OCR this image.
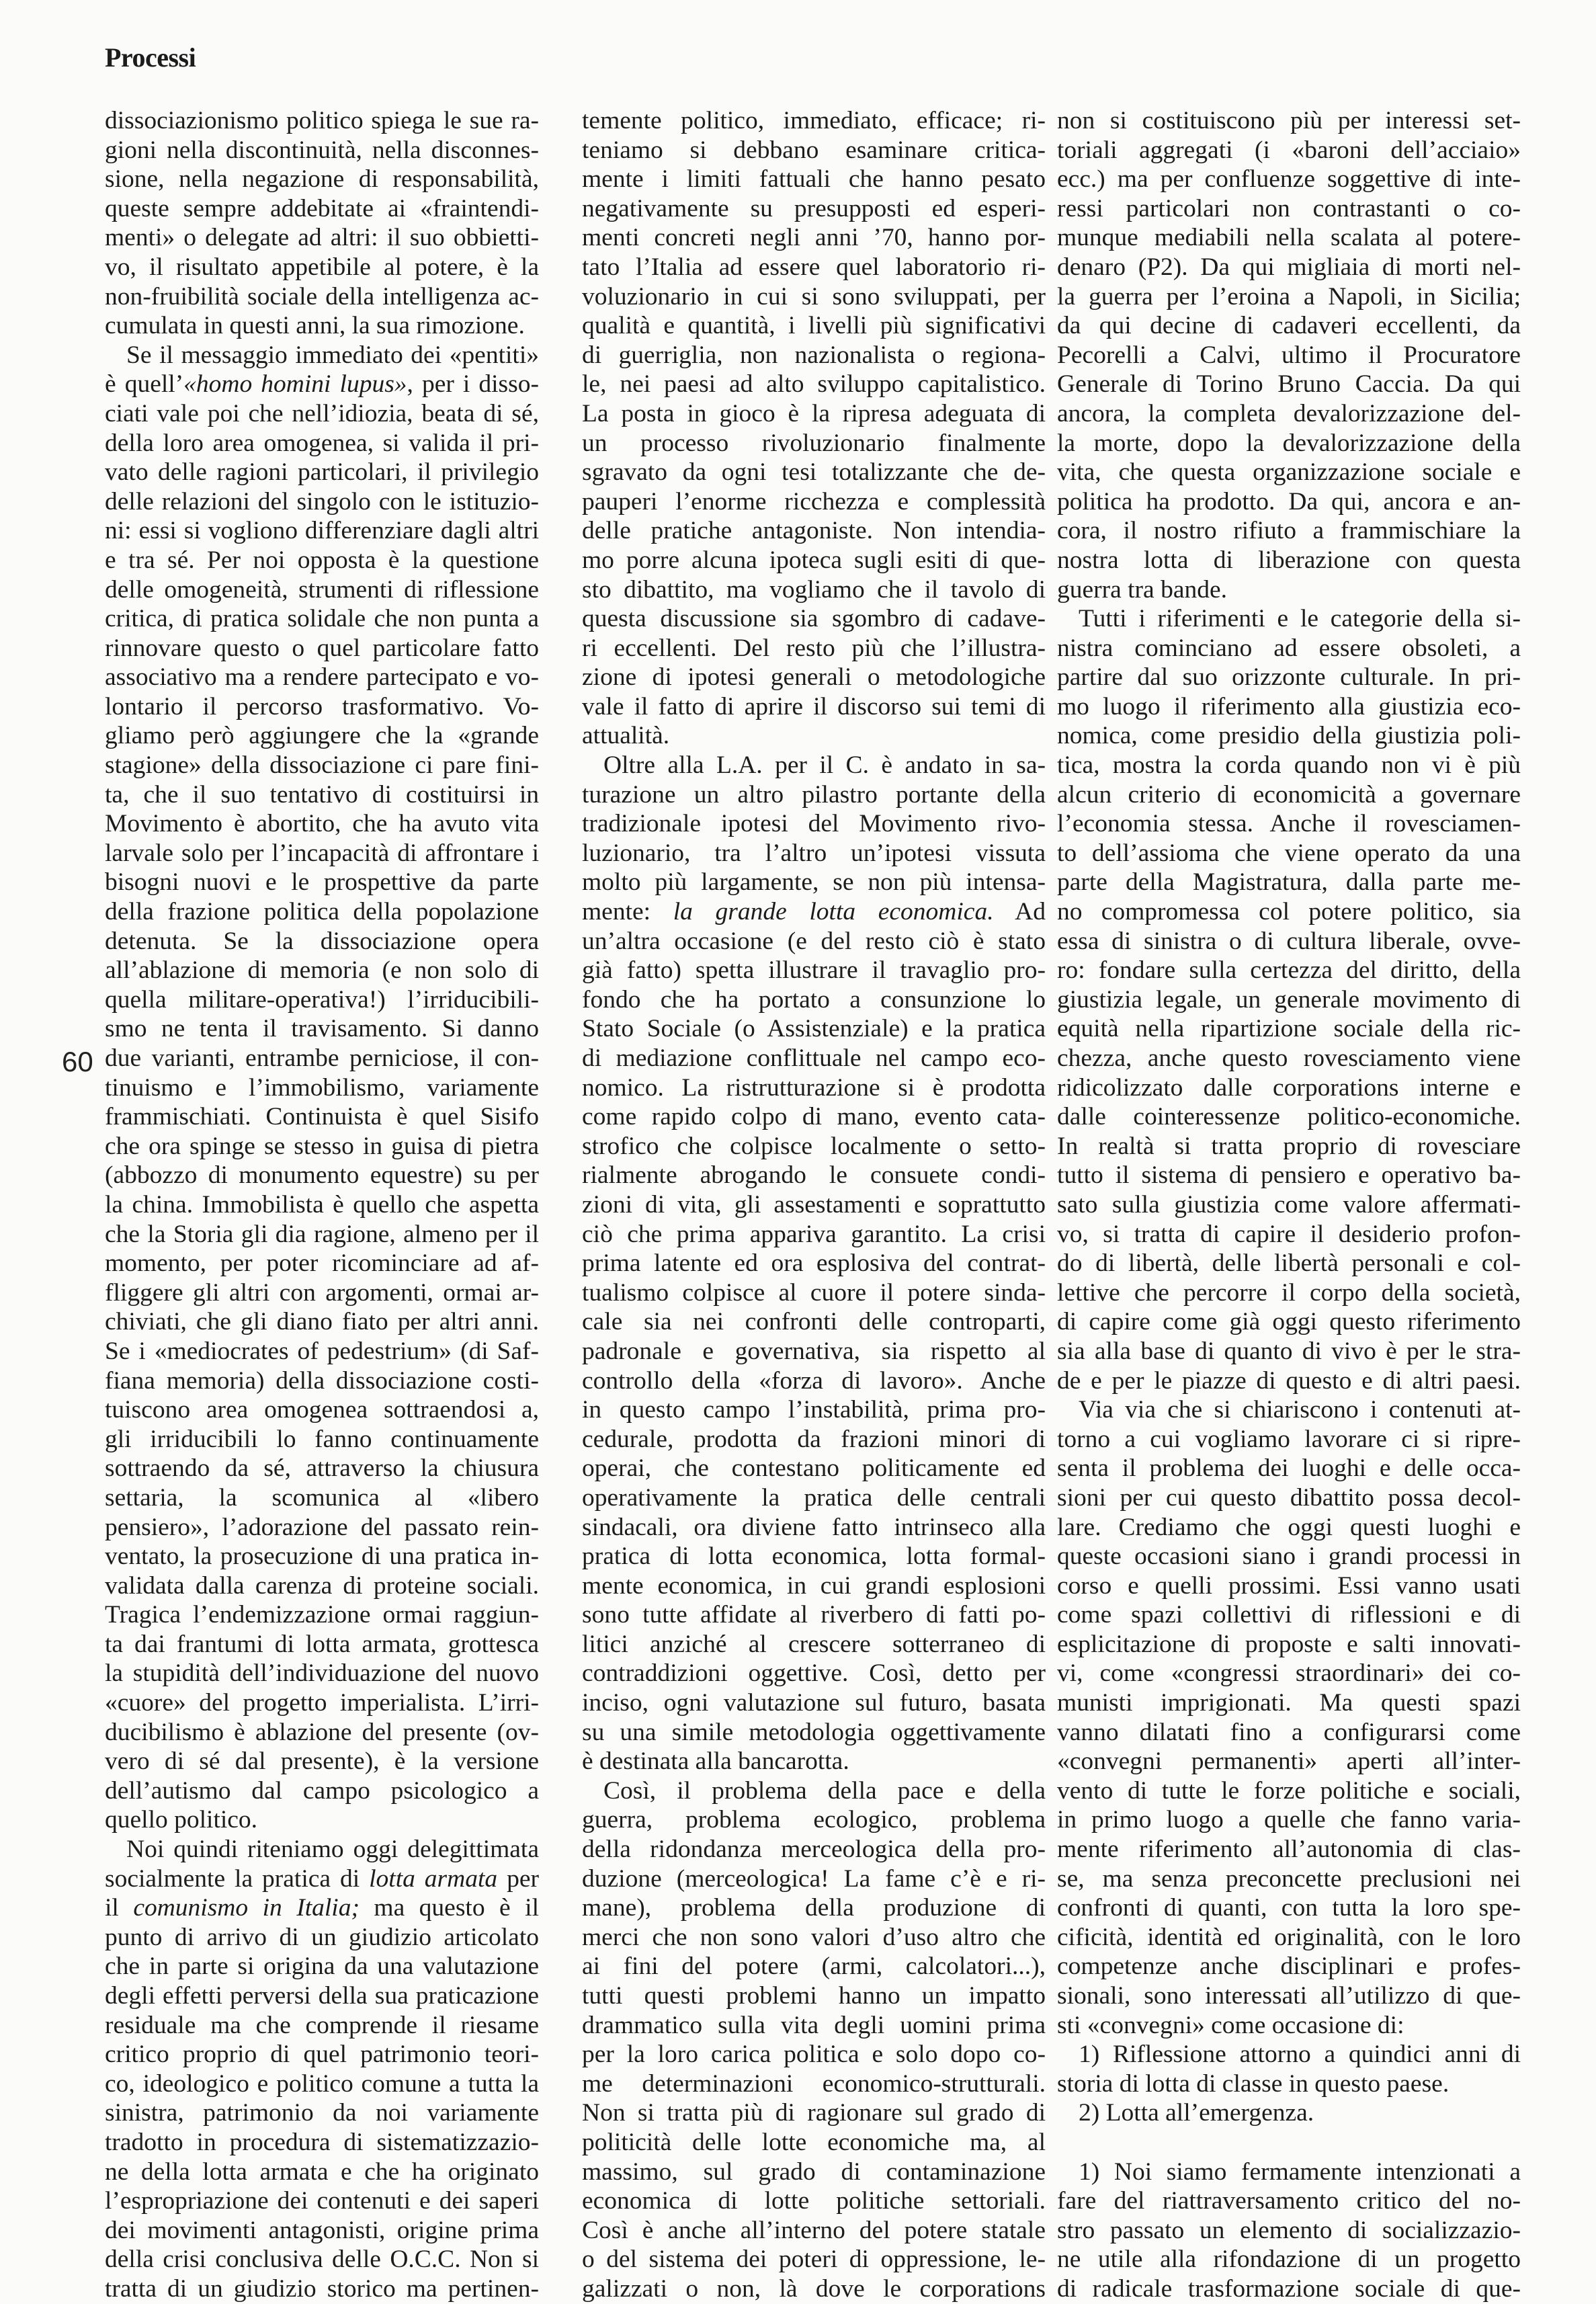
Processi
60
dissociazionismo politico spiega le sue ra-
gioni nella discontinuità, nella disconnes-
sione, nella negazione di responsabilità,
queste sempre addebitate ai «fraintendi-
menti» o delegate ad altri: il suo obbietti-
vo, il risultato appetibile al potere, è la
non-fruibilità sociale della intelligenza ac-
cumulata in questi anni, la sua rimozione.
Se il messaggio immediato dei «pentiti»
è quell’«homo homini lupus», per i disso-
ciati vale poi che nell’idiozia, beata di sé,
della loro area omogenea, si valida il pri-
vato delle ragioni particolari, il privilegio
delle relazioni del singolo con le istituzio-
ni: essi si vogliono differenziare dagli altri
e tra sé. Per noi opposta è la questione
delle omogeneità, strumenti di riflessione
critica, di pratica solidale che non punta a
rinnovare questo o quel particolare fatto
associativo ma a rendere partecipato e vo-
lontario il percorso trasformativo. Vo-
gliamo però aggiungere che la «grande
stagione» della dissociazione ci pare fini-
ta, che il suo tentativo di costituirsi in
Movimento è abortito, che ha avuto vita
larvale solo per l’incapacità di affrontare i
bisogni nuovi e le prospettive da parte
della frazione politica della popolazione
detenuta. Se la dissociazione opera
all’ablazione di memoria (e non solo di
quella militare-operativa!) l’irriducibili-
smo ne tenta il travisamento. Si danno
due varianti, entrambe perniciose, il con-
tinuismo e l’immobilismo, variamente
frammischiati. Continuista è quel Sisifo
che ora spinge se stesso in guisa di pietra
(abbozzo di monumento equestre) su per
la china. Immobilista è quello che aspetta
che la Storia gli dia ragione, almeno per il
momento, per poter ricominciare ad af-
fliggere gli altri con argomenti, ormai ar-
chiviati, che gli diano fiato per altri anni.
Se i «mediocrates of pedestrium» (di Saf-
fiana memoria) della dissociazione costi-
tuiscono area omogenea sottraendosi a,
gli irriducibili lo fanno continuamente
sottraendo da sé, attraverso la chiusura
settaria, la scomunica al «libero
pensiero», l’adorazione del passato rein-
ventato, la prosecuzione di una pratica in-
validata dalla carenza di proteine sociali.
Tragica l’endemizzazione ormai raggiun-
ta dai frantumi di lotta armata, grottesca
la stupidità dell’individuazione del nuovo
«cuore» del progetto imperialista. L’irri-
ducibilismo è ablazione del presente (ov-
vero di sé dal presente), è la versione
dell’autismo dal campo psicologico a
quello politico.
Noi quindi riteniamo oggi delegittimata
socialmente la pratica di lotta armata per
il comunismo in Italia; ma questo è il
punto di arrivo di un giudizio articolato
che in parte si origina da una valutazione
degli effetti perversi della sua praticazione
residuale ma che comprende il riesame
critico proprio di quel patrimonio teori-
co, ideologico e politico comune a tutta la
sinistra, patrimonio da noi variamente
tradotto in procedura di sistematizzazio-
ne della lotta armata e che ha originato
l’espropriazione dei contenuti e dei saperi
dei movimenti antagonisti, origine prima
della crisi conclusiva delle O.C.C. Non si
tratta di un giudizio storico ma pertinen-
temente politico, immediato, efficace; ri-
teniamo si debbano esaminare critica-
mente i limiti fattuali che hanno pesato
negativamente su presupposti ed esperi-
menti concreti negli anni ’70, hanno por-
tato l’Italia ad essere quel laboratorio ri-
voluzionario in cui si sono sviluppati, per
qualità e quantità, i livelli più significativi
di guerriglia, non nazionalista o regiona-
le, nei paesi ad alto sviluppo capitalistico.
La posta in gioco è la ripresa adeguata di
un processo rivoluzionario finalmente
sgravato da ogni tesi totalizzante che de-
pauperi l’enorme ricchezza e complessità
delle pratiche antagoniste. Non intendia-
mo porre alcuna ipoteca sugli esiti di que-
sto dibattito, ma vogliamo che il tavolo di
questa discussione sia sgombro di cadave-
ri eccellenti. Del resto più che l’illustra-
zione di ipotesi generali o metodologiche
vale il fatto di aprire il discorso sui temi di
attualità.
Oltre alla L.A. per il C. è andato in sa-
turazione un altro pilastro portante della
tradizionale ipotesi del Movimento rivo-
luzionario, tra l’altro un’ipotesi vissuta
molto più largamente, se non più intensa-
mente: la grande lotta economica. Ad
un’altra occasione (e del resto ciò è stato
già fatto) spetta illustrare il travaglio pro-
fondo che ha portato a consunzione lo
Stato Sociale (o Assistenziale) e la pratica
di mediazione conflittuale nel campo eco-
nomico. La ristrutturazione si è prodotta
come rapido colpo di mano, evento cata-
strofico che colpisce localmente o setto-
rialmente abrogando le consuete condi-
zioni di vita, gli assestamenti e soprattutto
ciò che prima appariva garantito. La crisi
prima latente ed ora esplosiva del contrat-
tualismo colpisce al cuore il potere sinda-
cale sia nei confronti delle controparti,
padronale e governativa, sia rispetto al
controllo della «forza di lavoro». Anche
in questo campo l’instabilità, prima pro-
cedurale, prodotta da frazioni minori di
operai, che contestano politicamente ed
operativamente la pratica delle centrali
sindacali, ora diviene fatto intrinseco alla
pratica di lotta economica, lotta formal-
mente economica, in cui grandi esplosioni
sono tutte affidate al riverbero di fatti po-
litici anziché al crescere sotterraneo di
contraddizioni oggettive. Così, detto per
inciso, ogni valutazione sul futuro, basata
su una simile metodologia oggettivamente
è destinata alla bancarotta.
Così, il problema della pace e della
guerra, problema ecologico, problema
della ridondanza merceologica della pro-
duzione (merceologica! La fame c’è e ri-
mane), problema della produzione di
merci che non sono valori d’uso altro che
ai fini del potere (armi, calcolatori...),
tutti questi problemi hanno un impatto
drammatico sulla vita degli uomini prima
per la loro carica politica e solo dopo co-
me determinazioni economico-strutturali.
Non si tratta più di ragionare sul grado di
politicità delle lotte economiche ma, al
massimo, sul grado di contaminazione
economica di lotte politiche settoriali.
Così è anche all’interno del potere statale
o del sistema dei poteri di oppressione, le-
galizzati o non, là dove le corporations
non si costituiscono più per interessi set-
toriali aggregati (i «baroni dell’acciaio»
ecc.) ma per confluenze soggettive di inte-
ressi particolari non contrastanti o co-
munque mediabili nella scalata al potere-
denaro (P2). Da qui migliaia di morti nel-
la guerra per l’eroina a Napoli, in Sicilia;
da qui decine di cadaveri eccellenti, da
Pecorelli a Calvi, ultimo il Procuratore
Generale di Torino Bruno Caccia. Da qui
ancora, la completa devalorizzazione del-
la morte, dopo la devalorizzazione della
vita, che questa organizzazione sociale e
politica ha prodotto. Da qui, ancora e an-
cora, il nostro rifiuto a frammischiare la
nostra lotta di liberazione con questa
guerra tra bande.
Tutti i riferimenti e le categorie della si-
nistra cominciano ad essere obsoleti, a
partire dal suo orizzonte culturale. In pri-
mo luogo il riferimento alla giustizia eco-
nomica, come presidio della giustizia poli-
tica, mostra la corda quando non vi è più
alcun criterio di economicità a governare
l’economia stessa. Anche il rovesciamen-
to dell’assioma che viene operato da una
parte della Magistratura, dalla parte me-
no compromessa col potere politico, sia
essa di sinistra o di cultura liberale, ovve-
ro: fondare sulla certezza del diritto, della
giustizia legale, un generale movimento di
equità nella ripartizione sociale della ric-
chezza, anche questo rovesciamento viene
ridicolizzato dalle corporations interne e
dalle cointeressenze politico-economiche.
In realtà si tratta proprio di rovesciare
tutto il sistema di pensiero e operativo ba-
sato sulla giustizia come valore affermati-
vo, si tratta di capire il desiderio profon-
do di libertà, delle libertà personali e col-
lettive che percorre il corpo della società,
di capire come già oggi questo riferimento
sia alla base di quanto di vivo è per le stra-
de e per le piazze di questo e di altri paesi.
Via via che si chiariscono i contenuti at-
torno a cui vogliamo lavorare ci si ripre-
senta il problema dei luoghi e delle occa-
sioni per cui questo dibattito possa decol-
lare. Crediamo che oggi questi luoghi e
queste occasioni siano i grandi processi in
corso e quelli prossimi. Essi vanno usati
come spazi collettivi di riflessioni e di
esplicitazione di proposte e salti innovati-
vi, come «congressi straordinari» dei co-
munisti imprigionati. Ma questi spazi
vanno dilatati fino a configurarsi come
«convegni permanenti» aperti all’inter-
vento di tutte le forze politiche e sociali,
in primo luogo a quelle che fanno varia-
mente riferimento all’autonomia di clas-
se, ma senza preconcette preclusioni nei
confronti di quanti, con tutta la loro spe-
cificità, identità ed originalità, con le loro
competenze anche disciplinari e profes-
sionali, sono interessati all’utilizzo di que-
sti «convegni» come occasione di:
1) Riflessione attorno a quindici anni di
storia di lotta di classe in questo paese.
2) Lotta all’emergenza.
1) Noi siamo fermamente intenzionati a
fare del riattraversamento critico del no-
stro passato un elemento di socializzazio-
ne utile alla rifondazione di un progetto
di radicale trasformazione sociale di que-
